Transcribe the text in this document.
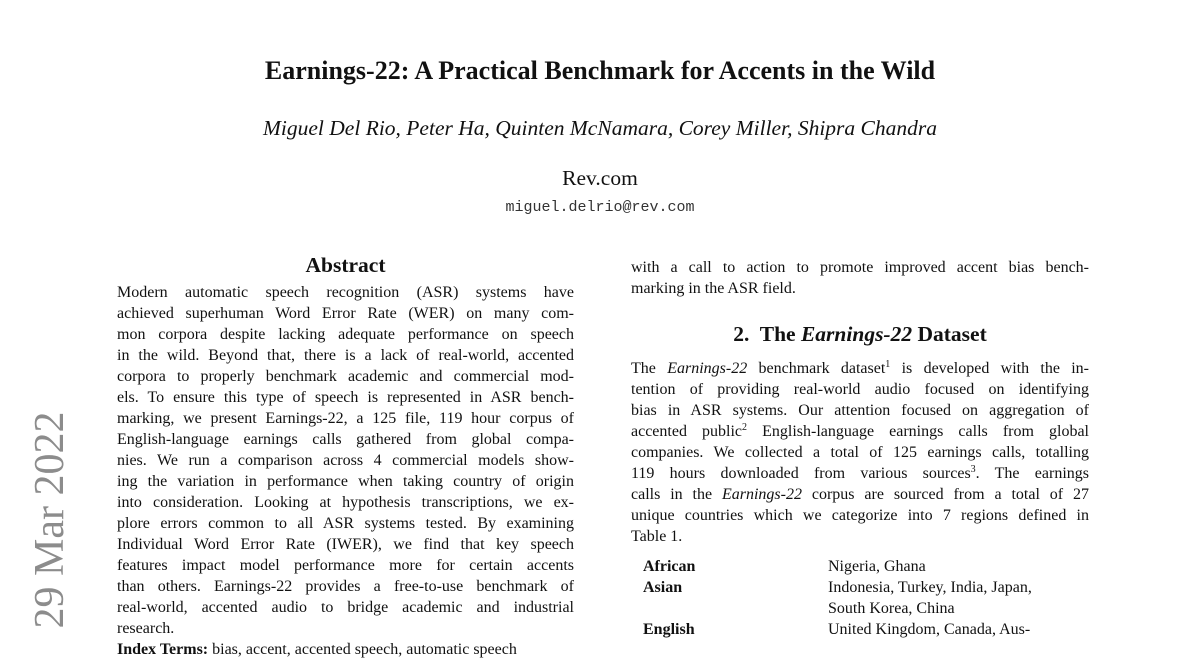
Earnings-22: A Practical Benchmark for Accents in the Wild
Miguel Del Rio, Peter Ha, Quinten McNamara, Corey Miller, Shipra Chandra
Rev.com
miguel.delrio@rev.com
29 Mar 2022
Abstract
Modern automatic speech recognition (ASR) systems have
achieved superhuman Word Error Rate (WER) on many com-
mon corpora despite lacking adequate performance on speech
in the wild. Beyond that, there is a lack of real-world, accented
corpora to properly benchmark academic and commercial mod-
els. To ensure this type of speech is represented in ASR bench-
marking, we present Earnings-22, a 125 file, 119 hour corpus of
English-language earnings calls gathered from global compa-
nies. We run a comparison across 4 commercial models show-
ing the variation in performance when taking country of origin
into consideration. Looking at hypothesis transcriptions, we ex-
plore errors common to all ASR systems tested. By examining
Individual Word Error Rate (IWER), we find that key speech
features impact model performance more for certain accents
than others. Earnings-22 provides a free-to-use benchmark of
real-world, accented audio to bridge academic and industrial
research.
Index Terms: bias, accent, accented speech, automatic speech
with a call to action to promote improved accent bias bench-
marking in the ASR field.
2. The Earnings-22 Dataset
The Earnings-22 benchmark dataset$^1$ is developed with the in-
tention of providing real-world audio focused on identifying
bias in ASR systems. Our attention focused on aggregation of
accented public$^2$ English-language earnings calls from global
companies. We collected a total of 125 earnings calls, totalling
119 hours downloaded from various sources$^3$. The earnings
calls in the Earnings-22 corpus are sourced from a total of 27
unique countries which we categorize into 7 regions defined in
Table 1.
African	Nigeria, Ghana
Asian	Indonesia, Turkey, India, Japan,
	South Korea, China
English	United Kingdom, Canada, Aus-
